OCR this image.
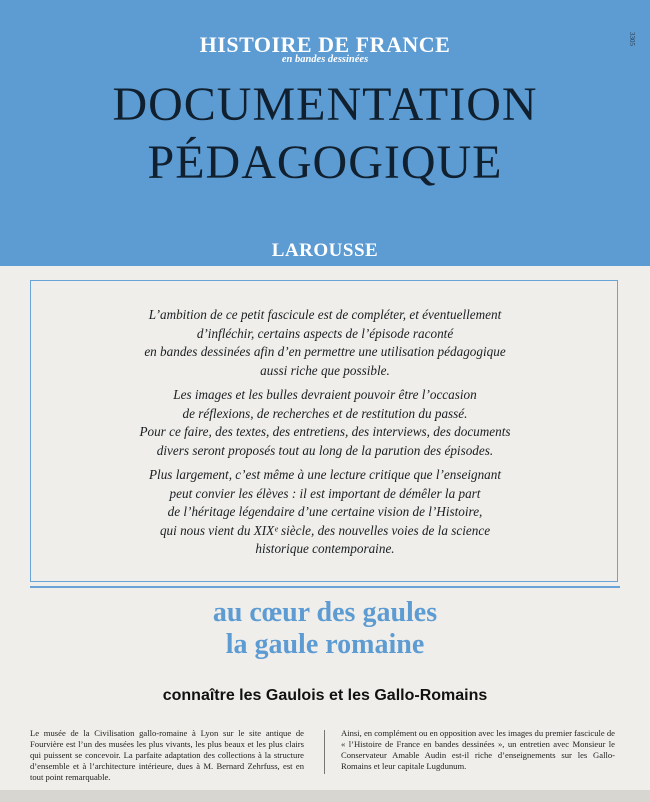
HISTOIRE DE FRANCE
en bandes dessinées
DOCUMENTATION
PÉDAGOGIQUE
LAROUSSE
3305
L’ambition de ce petit fascicule est de compléter, et éventuellement
d’infléchir, certains aspects de l’épisode raconté
en bandes dessinées afin d’en permettre une utilisation pédagogique
aussi riche que possible.
Les images et les bulles devraient pouvoir être l’occasion
de réflexions, de recherches et de restitution du passé.
Pour ce faire, des textes, des entretiens, des interviews, des documents
divers seront proposés tout au long de la parution des épisodes.
Plus largement, c’est même à une lecture critique que l’enseignant
peut convier les élèves : il est important de démêler la part
de l’héritage légendaire d’une certaine vision de l’Histoire,
qui nous vient du XIXᵉ siècle, des nouvelles voies de la science
historique contemporaine.
au cœur des gaules
la gaule romaine
connaître les Gaulois et les Gallo-Romains
Le musée de la Civilisation gallo-romaine à Lyon sur le site antique de Fourvière est l’un des musées les plus vivants, les plus beaux et les plus clairs qui puissent se concevoir. La parfaite adaptation des collections à la structure d’ensemble et à l’architecture intérieure, dues à M. Bernard Zehrfuss, est en tout point remarquable.
Ainsi, en complément ou en opposition avec les images du premier fascicule de « l’Histoire de France en bandes dessinées », un entretien avec Monsieur le Conservateur Amable Audin est-il riche d’enseignements sur les Gallo-Romains et leur capitale Lugdunum.
